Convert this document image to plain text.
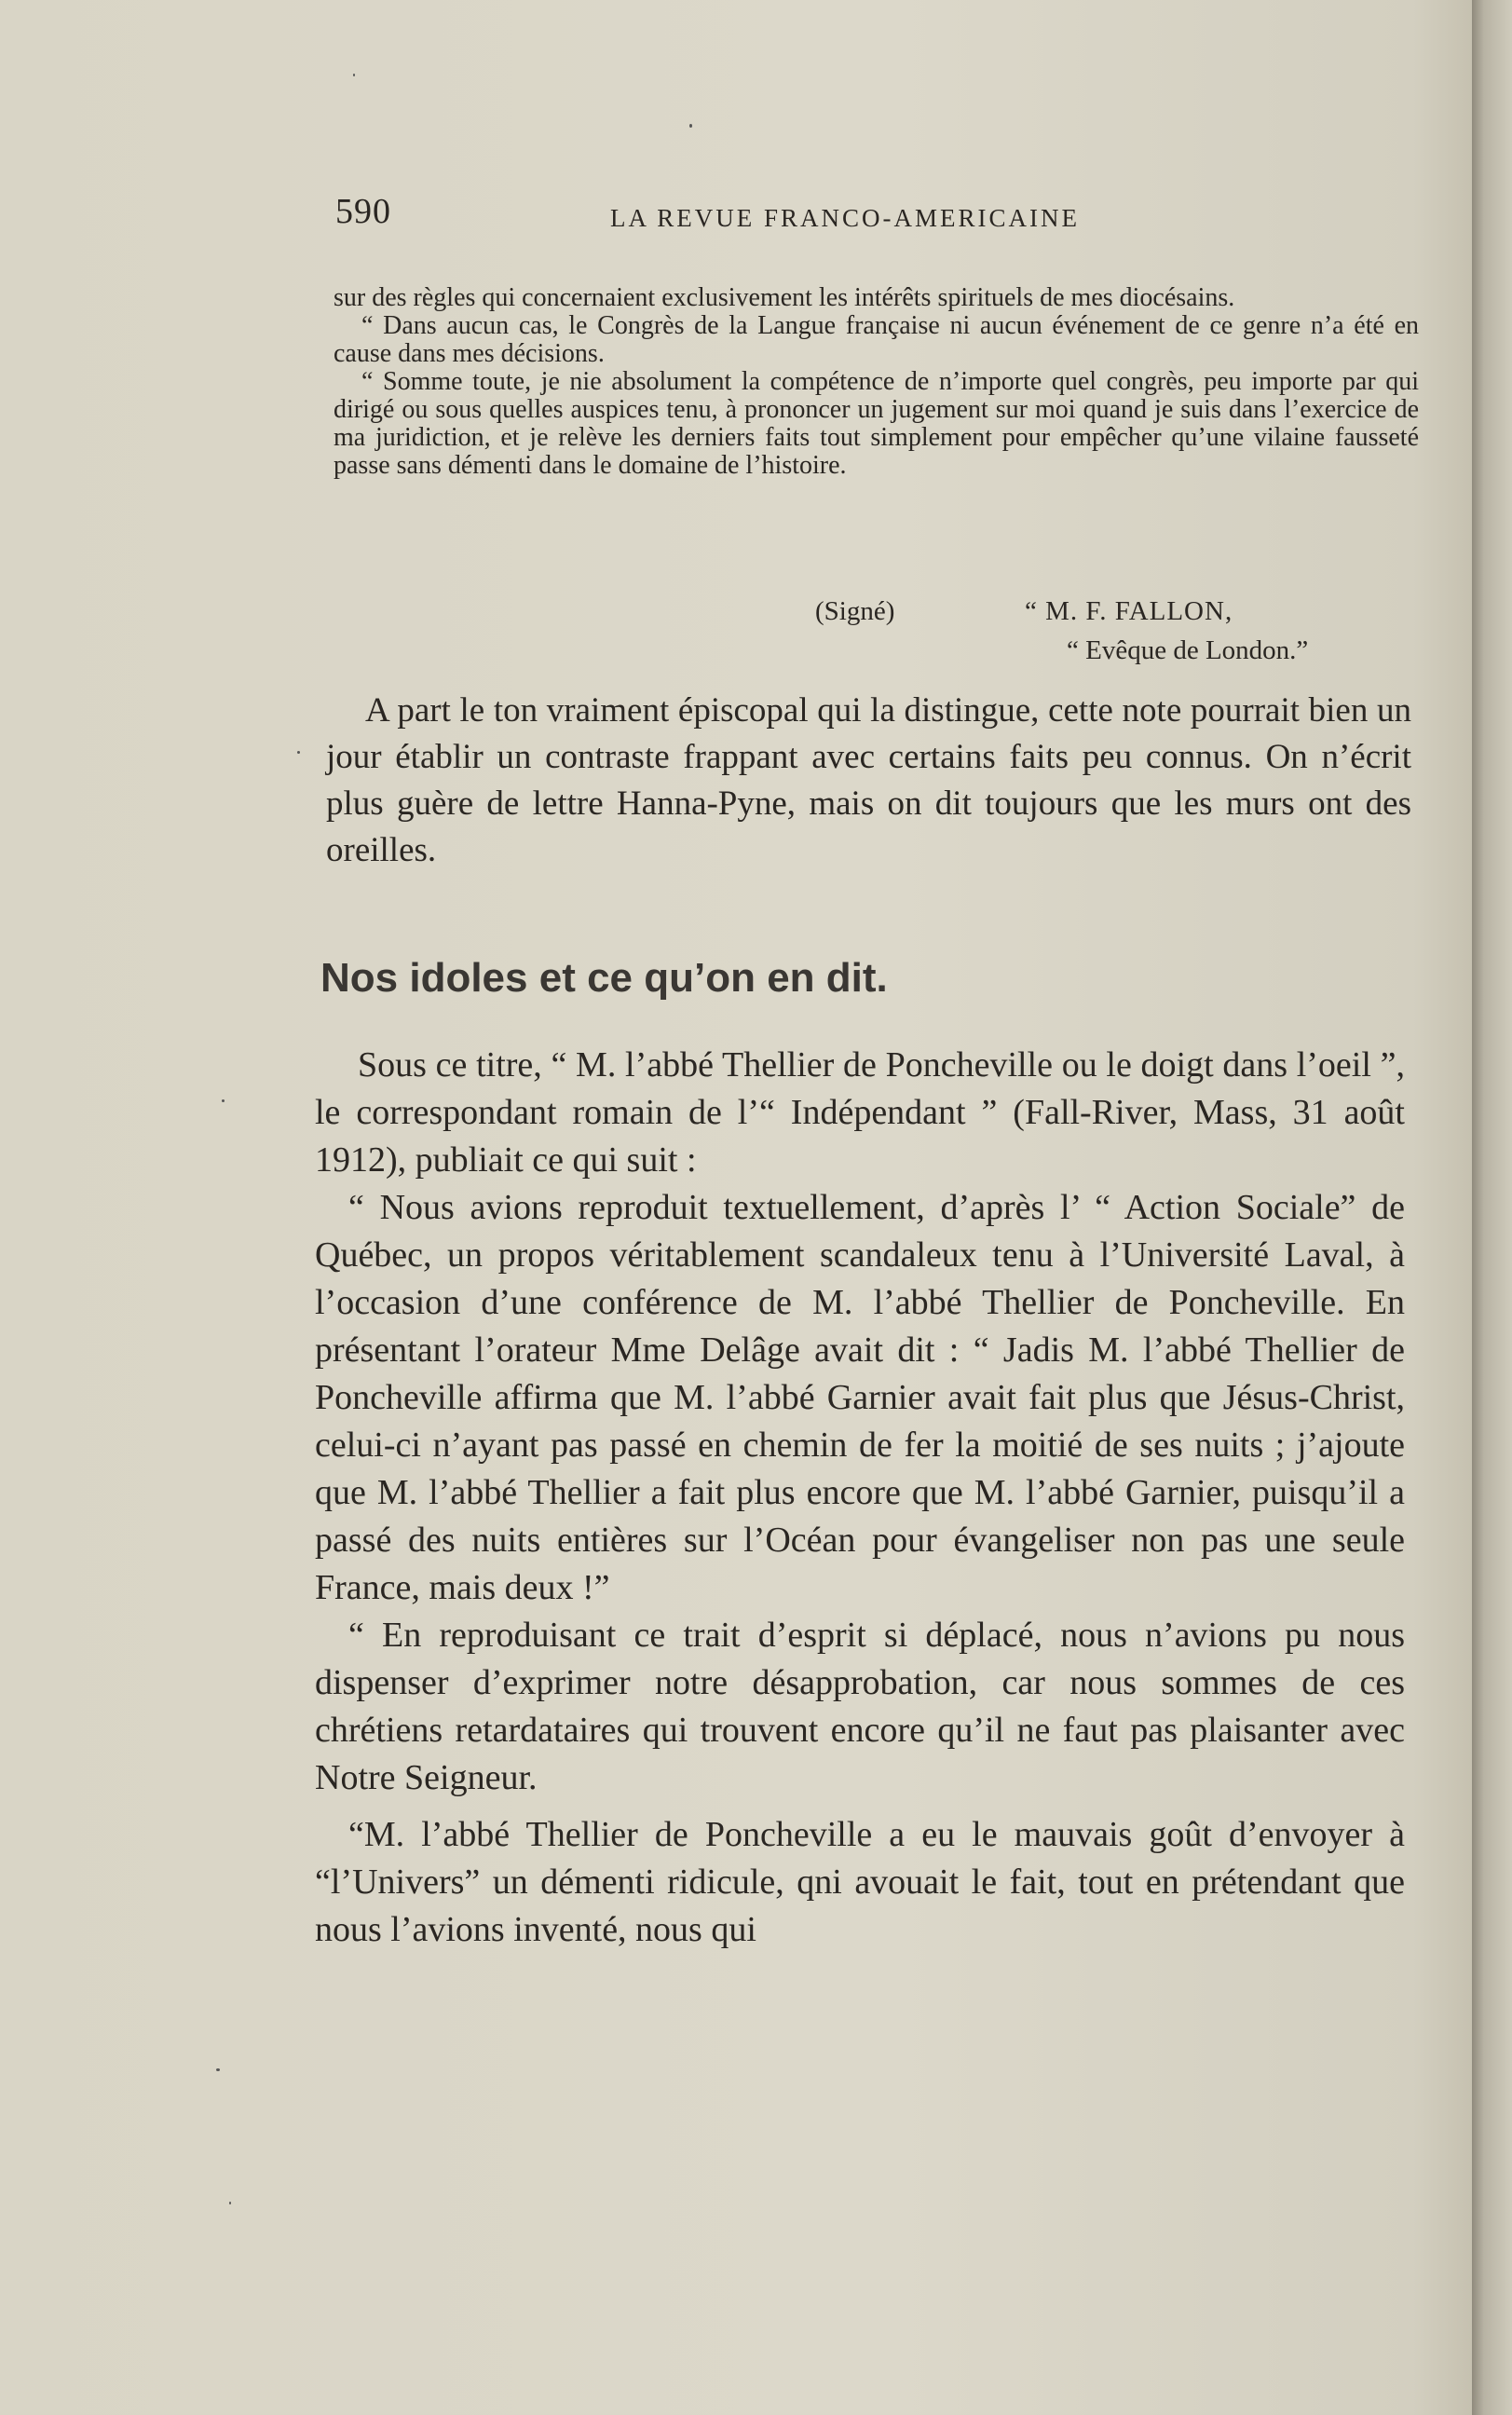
590	LA REVUE FRANCO-AMERICAINE

sur des règles qui concernaient exclusivement les intérêts spirituels de mes diocésains.

“ Dans aucun cas, le Congrès de la Langue française ni aucun événement de ce genre n’a été en cause dans mes décisions.

“ Somme toute, je nie absolument la compétence de n’importe quel congrès, peu importe par qui dirigé ou sous quelles auspices tenu, à prononcer un jugement sur moi quand je suis dans l’exercice de ma juridiction, et je relève les derniers faits tout simplement pour empêcher qu’une vilaine fausseté passe sans démenti dans le domaine de l’histoire.

(Signé)	“ M. F. FALLON,
“ Evêque de London.”

A part le ton vraiment épiscopal qui la distingue, cette note pourrait bien un jour établir un contraste frappant avec certains faits peu connus. On n’écrit plus guère de lettre Hanna-Pyne, mais on dit toujours que les murs ont des oreilles.

Nos idoles et ce qu’on en dit.

Sous ce titre, “ M. l’abbé Thellier de Poncheville ou le doigt dans l’oeil ”, le correspondant romain de l’“ Indépendant ” (Fall-River, Mass, 31 août 1912), publiait ce qui suit :

“ Nous avions reproduit textuellement, d’après l’ “ Action Sociale” de Québec, un propos véritablement scandaleux tenu à l’Université Laval, à l’occasion d’une conférence de M. l’abbé Thellier de Poncheville. En présentant l’orateur Mme Delâge avait dit : “ Jadis M. l’abbé Thellier de Poncheville affirma que M. l’abbé Garnier avait fait plus que Jésus-Christ, celui-ci n’ayant pas passé en chemin de fer la moitié de ses nuits ; j’ajoute que M. l’abbé Thellier a fait plus encore que M. l’abbé Garnier, puisqu’il a passé des nuits entières sur l’Océan pour évangeliser non pas une seule France, mais deux !”

“ En reproduisant ce trait d’esprit si déplacé, nous n’avions pu nous dispenser d’exprimer notre désapprobation, car nous sommes de ces chrétiens retardataires qui trouvent encore qu’il ne faut pas plaisanter avec Notre Seigneur.

“M. l’abbé Thellier de Poncheville a eu le mauvais goût d’envoyer à “l’Univers” un démenti ridicule, qni avouait le fait, tout en prétendant que nous l’avions inventé, nous qui
